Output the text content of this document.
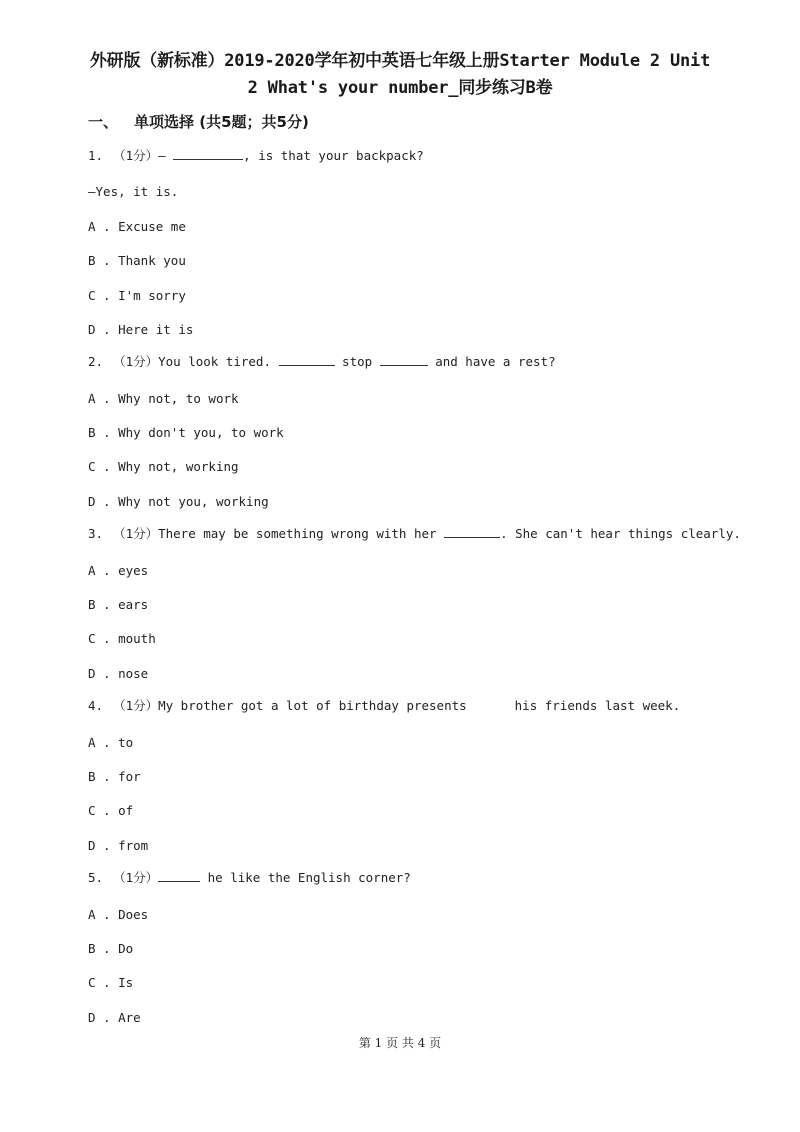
外研版（新标准）2019-2020学年初中英语七年级上册Starter Module 2 Unit
2 What's your number_同步练习B卷
一、 单项选择 (共5题；共5分)
1. （1分）—	, is that your backpack?
—Yes, it is.
A . Excuse me
B . Thank you
C . I'm sorry
D . Here it is
2. （1分）You look tired.	stop	and have a rest?
A . Why not, to work
B . Why don't you, to work
C . Why not, working
D . Why not you, working
3. （1分）There may be something wrong with her	. She can't hear things clearly.
A . eyes
B . ears
C . mouth
D . nose
4. （1分）My brother got a lot of birthday presents	his friends last week.
A . to
B . for
C . of
D . from
5. （1分）	he like the English corner?
A . Does
B . Do
C . Is
D . Are
第 1 页 共 4 页
